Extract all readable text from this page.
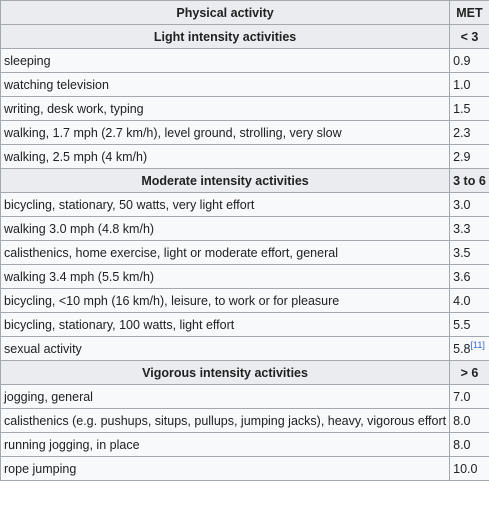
Physical activity	MET
Light intensity activities	< 3
sleeping	0.9
watching television	1.0
writing, desk work, typing	1.5
walking, 1.7 mph (2.7 km/h), level ground, strolling, very slow	2.3
walking, 2.5 mph (4 km/h)	2.9
Moderate intensity activities	3 to 6
bicycling, stationary, 50 watts, very light effort	3.0
walking 3.0 mph (4.8 km/h)	3.3
calisthenics, home exercise, light or moderate effort, general	3.5
walking 3.4 mph (5.5 km/h)	3.6
bicycling, <10 mph (16 km/h), leisure, to work or for pleasure	4.0
bicycling, stationary, 100 watts, light effort	5.5
sexual activity	5.8[11]
Vigorous intensity activities	> 6
jogging, general	7.0
calisthenics (e.g. pushups, situps, pullups, jumping jacks), heavy, vigorous effort	8.0
running jogging, in place	8.0
rope jumping	10.0
